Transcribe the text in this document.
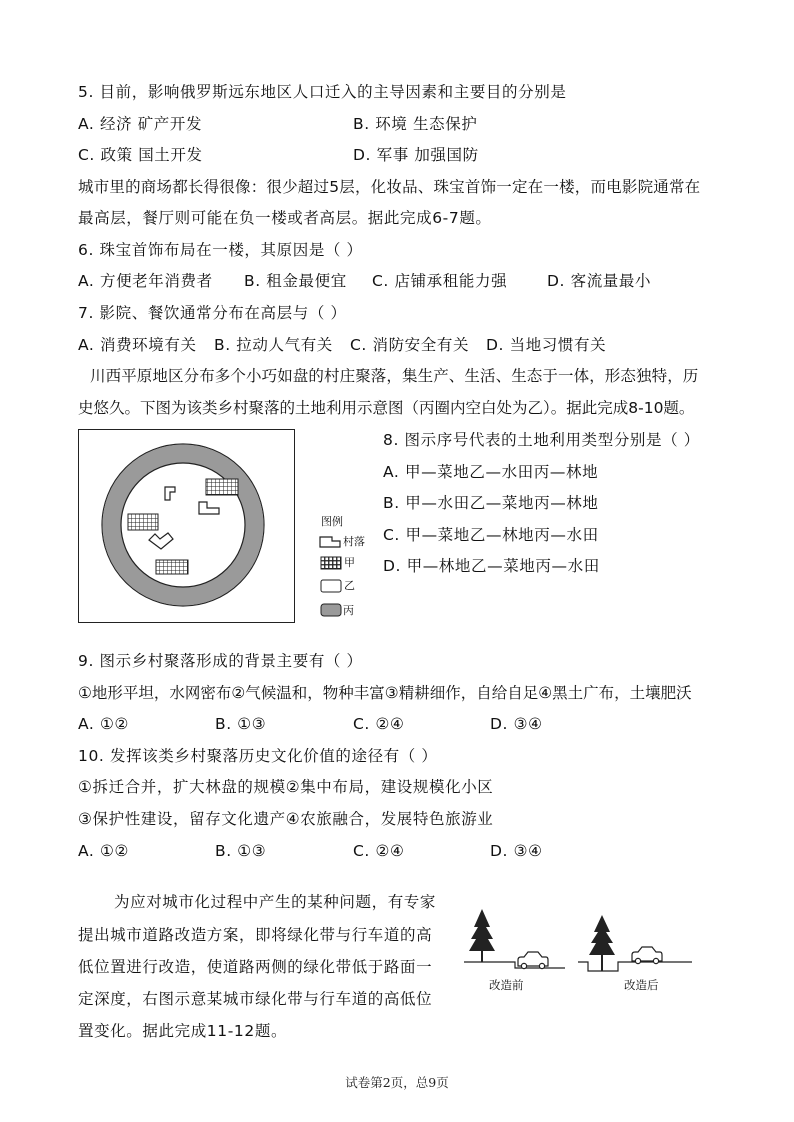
5. 目前，影响俄罗斯远东地区人口迁入的主导因素和主要目的分别是
A. 经济 矿产开发	B. 环境 生态保护
C. 政策 国土开发	D. 军事 加强国防
城市里的商场都长得很像：很少超过5层，化妆品、珠宝首饰一定在一楼，而电影院通常在
最高层，餐厅则可能在负一楼或者高层。据此完成6-7题。
6. 珠宝首饰布局在一楼，其原因是（ ）
A. 方便老年消费者 B. 租金最便宜 C. 店铺承租能力强	D. 客流量最小
7. 影院、餐饮通常分布在高层与（ ）
A. 消费环境有关 B. 拉动人气有关 C. 消防安全有关 D. 当地习惯有关
川西平原地区分布多个小巧如盘的村庄聚落，集生产、生活、生态于一体，形态独特，历
史悠久。下图为该类乡村聚落的土地利用示意图（丙圈内空白处为乙）。据此完成8-10题。
图例
村落
甲
乙
丙
8. 图示序号代表的土地利用类型分别是（ ）
A. 甲—菜地乙—水田丙—林地
B. 甲—水田乙—菜地丙—林地
C. 甲—菜地乙—林地丙—水田
D. 甲—林地乙—菜地丙—水田
9. 图示乡村聚落形成的背景主要有（ ）
①地形平坦，水网密布②气候温和，物种丰富③精耕细作，自给自足④黑土广布，土壤肥沃
A. ①②	B. ①③	C. ②④	D. ③④
10. 发挥该类乡村聚落历史文化价值的途径有（ ）
①拆迁合并，扩大林盘的规模②集中布局，建设规模化小区
③保护性建设，留存文化遗产④农旅融合，发展特色旅游业
A. ①②	B. ①③	C. ②④	D. ③④
为应对城市化过程中产生的某种问题，有专家
提出城市道路改造方案，即将绿化带与行车道的高
低位置进行改造，使道路两侧的绿化带低于路面一
定深度，右图示意某城市绿化带与行车道的高低位
置变化。据此完成11-12题。
改造前	改造后
试卷第2页，总9页
